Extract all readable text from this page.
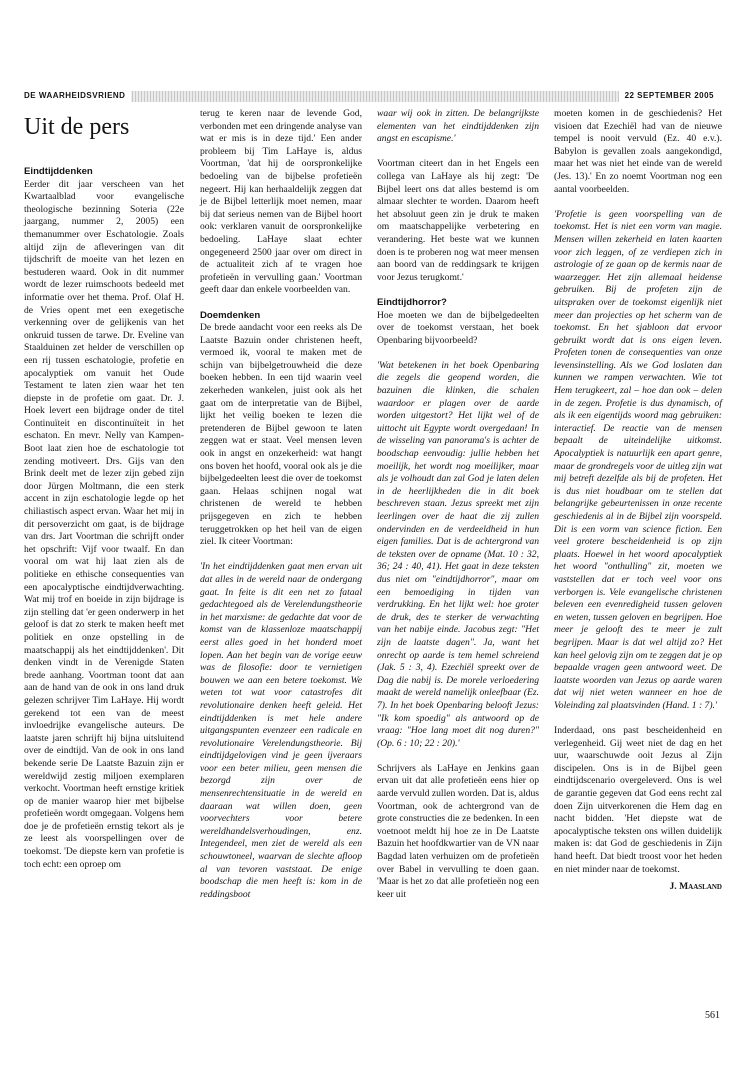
DE WAARHEIDSVRIEND	22 SEPTEMBER 2005
Uit de pers
Eindtijddenken

Eerder dit jaar verscheen van het Kwartaalblad voor evangelische theologische bezinning Soteria (22e jaargang, nummer 2, 2005) een themanummer over Eschatologie. Zoals altijd zijn de afleveringen van dit tijdschrift de moeite van het lezen en bestuderen waard. Ook in dit nummer wordt de lezer ruimschoots bedeeld met informatie over het thema. Prof. Olaf H. de Vries opent met een exegetische verkenning over de gelijkenis van het onkruid tussen de tarwe. Dr. Eveline van Staalduinen zet helder de verschillen op een rij tussen eschatologie, profetie en apocalyptiek om vanuit het Oude Testament te laten zien waar het ten diepste in de profetie om gaat. Dr. J. Hoek levert een bijdrage onder de titel Continuïteit en discontinuïteit in het eschaton. En mevr. Nelly van Kampen-Boot laat zien hoe de eschatologie tot zending motiveert. Drs. Gijs van den Brink deelt met de lezer zijn gebed zijn door Jürgen Moltmann, die een sterk accent in zijn eschatologie legde op het chiliastisch aspect ervan. Waar het mij in dit persoverzicht om gaat, is de bijdrage van drs. Jart Voortman die schrijft onder het opschrift: Vijf voor twaalf. En dan vooral om wat hij laat zien als de politieke en ethische consequenties van een apocalyptische eindtijdverwachting. Wat mij trof en boeide in zijn bijdrage is zijn stelling dat 'er geen onderwerp in het geloof is dat zo sterk te maken heeft met politiek en onze opstelling in de maatschappij als het eindtijddenken'. Dit denken vindt in de Verenigde Staten brede aanhang. Voortman toont dat aan aan de hand van de ook in ons land druk gelezen schrijver Tim LaHaye. Hij wordt gerekend tot een van de meest invloedrijke evangelische auteurs. De laatste jaren schrijft hij bijna uitsluitend over de eindtijd. Van de ook in ons land bekende serie De Laatste Bazuin zijn er wereldwijd zestig miljoen exemplaren verkocht. Voortman heeft ernstige kritiek op de manier waarop hier met bijbelse profetieën wordt omgegaan. Volgens hem doe je de profetieën ernstig tekort als je ze leest als voorspellingen over de toekomst. 'De diepste kern van profetie is toch echt: een oproep om

terug te keren naar de levende God, verbonden met een dringende analyse van wat er mis is in deze tijd.' Een ander probleem bij Tim LaHaye is, aldus Voortman, 'dat hij de oorspronkelijke bedoeling van de bijbelse profetieën negeert. Hij kan herhaaldelijk zeggen dat je de Bijbel letterlijk moet nemen, maar bij dat serieus nemen van de Bijbel hoort ook: verklaren vanuit de oorspronkelijke bedoeling. LaHaye slaat echter ongegeneerd 2500 jaar over om direct in de actualiteit zich af te vragen hoe profetieën in vervulling gaan.' Voortman geeft daar dan enkele voorbeelden van.

Doemdenken

De brede aandacht voor een reeks als De Laatste Bazuin onder christenen heeft, vermoed ik, vooral te maken met de schijn van bijbelgetrouwheid die deze boeken hebben. In een tijd waarin veel zekerheden wankelen, juist ook als het gaat om de interpretatie van de Bijbel, lijkt het veilig boeken te lezen die pretenderen de Bijbel gewoon te laten zeggen wat er staat. Veel mensen leven ook in angst en onzekerheid: wat hangt ons boven het hoofd, vooral ook als je die bijbelgedeelten leest die over de toekomst gaan. Helaas schijnen nogal wat christenen de wereld te hebben prijsgegeven en zich te hebben teruggetrokken op het heil van de eigen ziel. Ik citeer Voortman:

'In het eindtijddenken gaat men ervan uit dat alles in de wereld naar de ondergang gaat. In feite is dit een net zo fataal gedachtegoed als de Verelendungstheorie in het marxisme: de gedachte dat voor de komst van de klassenloze maatschappij eerst alles goed in het honderd moet lopen. Aan het begin van de vorige eeuw was de filosofie: door te vernietigen bouwen we aan een betere toekomst. We weten tot wat voor catastrofes dit revolutionaire denken heeft geleid. Het eindtijddenken is met hele andere uitgangspunten evenzeer een radicale en revolutionaire Verelendungstheorie. Bij eindtijdgelovigen vind je geen ijveraars voor een beter milieu, geen mensen die bezorgd zijn over de mensenrechtensituatie in de wereld en daaraan wat willen doen, geen voorvechters voor betere wereldhandelsverhoudingen, enz. Integendeel, men ziet de wereld als een schouwtoneel, waarvan de slechte afloop al van tevoren vaststaat. De enige boodschap die men heeft is: kom in de reddingsboot

waar wij ook in zitten. De belangrijkste elementen van het eindtijddenken zijn angst en escapisme.'

Voortman citeert dan in het Engels een collega van LaHaye als hij zegt: 'De Bijbel leert ons dat alles bestemd is om almaar slechter te worden. Daarom heeft het absoluut geen zin je druk te maken om maatschappelijke verbetering en verandering. Het beste wat we kunnen doen is te proberen nog wat meer mensen aan boord van de reddingsark te krijgen voor Jezus terugkomt.'

Eindtijdhorror?

Hoe moeten we dan de bijbelgedeelten over de toekomst verstaan, het boek Openbaring bijvoorbeeld?

'Wat betekenen in het boek Openbaring die zegels die geopend worden, die bazuinen die klinken, die schalen waardoor er plagen over de aarde worden uitgestort? Het lijkt wel of de uittocht uit Egypte wordt overgedaan! In de wisseling van panorama's is achter de boodschap eenvoudig: jullie hebben het moeilijk, het wordt nog moeilijker, maar als je volhoudt dan zal God je laten delen in de heerlijkheden die in dit boek beschreven staan. Jezus spreekt met zijn leerlingen over de haat die zij zullen ondervinden en de verdeeldheid in hun eigen families. Dat is de achtergrond van de teksten over de opname (Mat. 10 : 32, 36; 24 : 40, 41). Het gaat in deze teksten dus niet om "eindtijdhorror", maar om een bemoediging in tijden van verdrukking. En het lijkt wel: hoe groter de druk, des te sterker de verwachting van het nabije einde. Jacobus zegt: "Het zijn de laatste dagen". Ja, want het onrecht op aarde is tem hemel schreiend (Jak. 5 : 3, 4). Ezechiël spreekt over de Dag die nabij is. De morele verloedering maakt de wereld namelijk onleefbaar (Ez. 7). In het boek Openbaring belooft Jezus: "Ik kom spoedig" als antwoord op de vraag: "Hoe lang moet dit nog duren?" (Op. 6 : 10; 22 : 20).'

Schrijvers als LaHaye en Jenkins gaan ervan uit dat alle profetieën eens hier op aarde vervuld zullen worden. Dat is, aldus Voortman, ook de achtergrond van de grote constructies die ze bedenken. In een voetnoot meldt hij hoe ze in De Laatste Bazuin het hoofdkwartier van de VN naar Bagdad laten verhuizen om de profetieën over Babel in vervulling te doen gaan. 'Maar is het zo dat alle profetieën nog een keer uit

moeten komen in de geschiedenis? Het visioen dat Ezechiël had van de nieuwe tempel is nooit vervuld (Ez. 40 e.v.). Babylon is gevallen zoals aangekondigd, maar het was niet het einde van de wereld (Jes. 13).' En zo noemt Voortman nog een aantal voorbeelden.

'Profetie is geen voorspelling van de toekomst. Het is niet een vorm van magie. Mensen willen zekerheid en laten kaarten voor zich leggen, of ze verdiepen zich in astrologie of ze gaan op de kermis naar de waarzegger. Het zijn allemaal heidense gebruiken. Bij de profeten zijn de uitspraken over de toekomst eigenlijk niet meer dan projecties op het scherm van de toekomst. En het sjabloon dat ervoor gebruikt wordt dat is ons eigen leven. Profeten tonen de consequenties van onze levensinstelling. Als we God loslaten dan kunnen we rampen verwachten. Wie tot Hem terugkeert, zal – hoe dan ook – delen in de zegen. Profetie is dus dynamisch, of als ik een eigentijds woord mag gebruiken: interactief. De reactie van de mensen bepaalt de uiteindelijke uitkomst. Apocalyptiek is natuurlijk een apart genre, maar de grondregels voor de uitleg zijn wat mij betreft dezelfde als bij de profeten. Het is dus niet houdbaar om te stellen dat belangrijke gebeurtenissen in onze recente geschiedenis al in de Bijbel zijn voorspeld. Dit is een vorm van science fiction. Een veel grotere bescheidenheid is op zijn plaats. Hoewel in het woord apocalyptiek het woord "onthulling" zit, moeten we vaststellen dat er toch veel voor ons verborgen is. Vele evangelische christenen beleven een evenredigheid tussen geloven en weten, tussen geloven en begrijpen. Hoe meer je gelooft des te meer je zult begrijpen. Maar is dat wel altijd zo? Het kan heel gelovig zijn om te zeggen dat je op bepaalde vragen geen antwoord weet. De laatste woorden van Jezus op aarde waren dat wij niet weten wanneer en hoe de Voleinding zal plaatsvinden (Hand. 1 : 7).'

Inderdaad, ons past bescheidenheid en verlegenheid. Gij weet niet de dag en het uur, waarschuwde ooit Jezus al Zijn discipelen. Ons is in de Bijbel geen eindtijdscenario overgeleverd. Ons is wel de garantie gegeven dat God eens recht zal doen Zijn uitverkorenen die Hem dag en nacht bidden. 'Het diepste wat de apocalyptische teksten ons willen duidelijk maken is: dat God de geschiedenis in Zijn hand heeft. Dat biedt troost voor het heden en niet minder naar de toekomst.

J. Maasland
561
